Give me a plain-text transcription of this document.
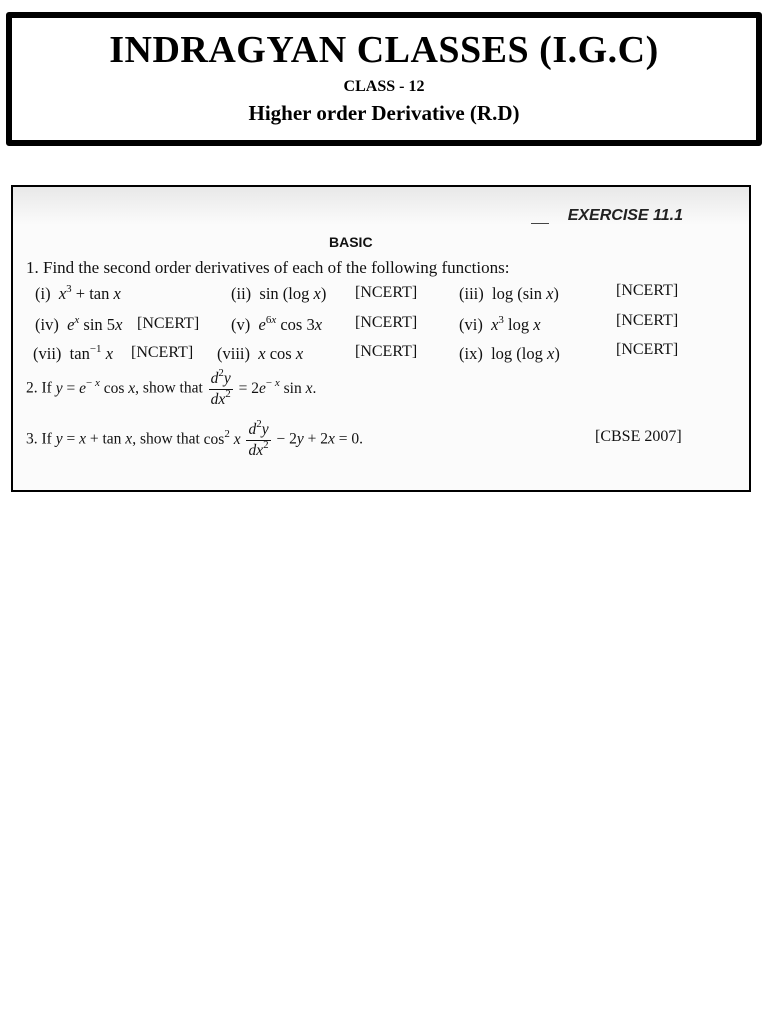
INDRAGYAN CLASSES (I.G.C)
CLASS - 12
Higher order Derivative (R.D)
EXERCISE 11.1
BASIC
1. Find the second order derivatives of each of the following functions:
(i) $x^3 + \tan x$	(ii)  sin (log x) [NCERT]	(iii)  log (sin x)	[NCERT]
(iv) $e^x$ sin 5x [NCERT] (v) $e^{6x}$ cos 3x [NCERT]	(vi) $x^3$ log x	[NCERT]
(vii)  $\tan^{-1} x$ [NCERT] (viii) x cos x	[NCERT]	(ix)  log (log x)	[NCERT]
2. If $y = e^{- x}$ cos x, show that $\frac{d^2y}{dx^2} = 2e^{- x}$ sin x.
3. If y = x + tan x, show that $\cos^2 x \frac{d^2y}{dx^2} - 2y + 2x = 0$.	[CBSE 2007]
